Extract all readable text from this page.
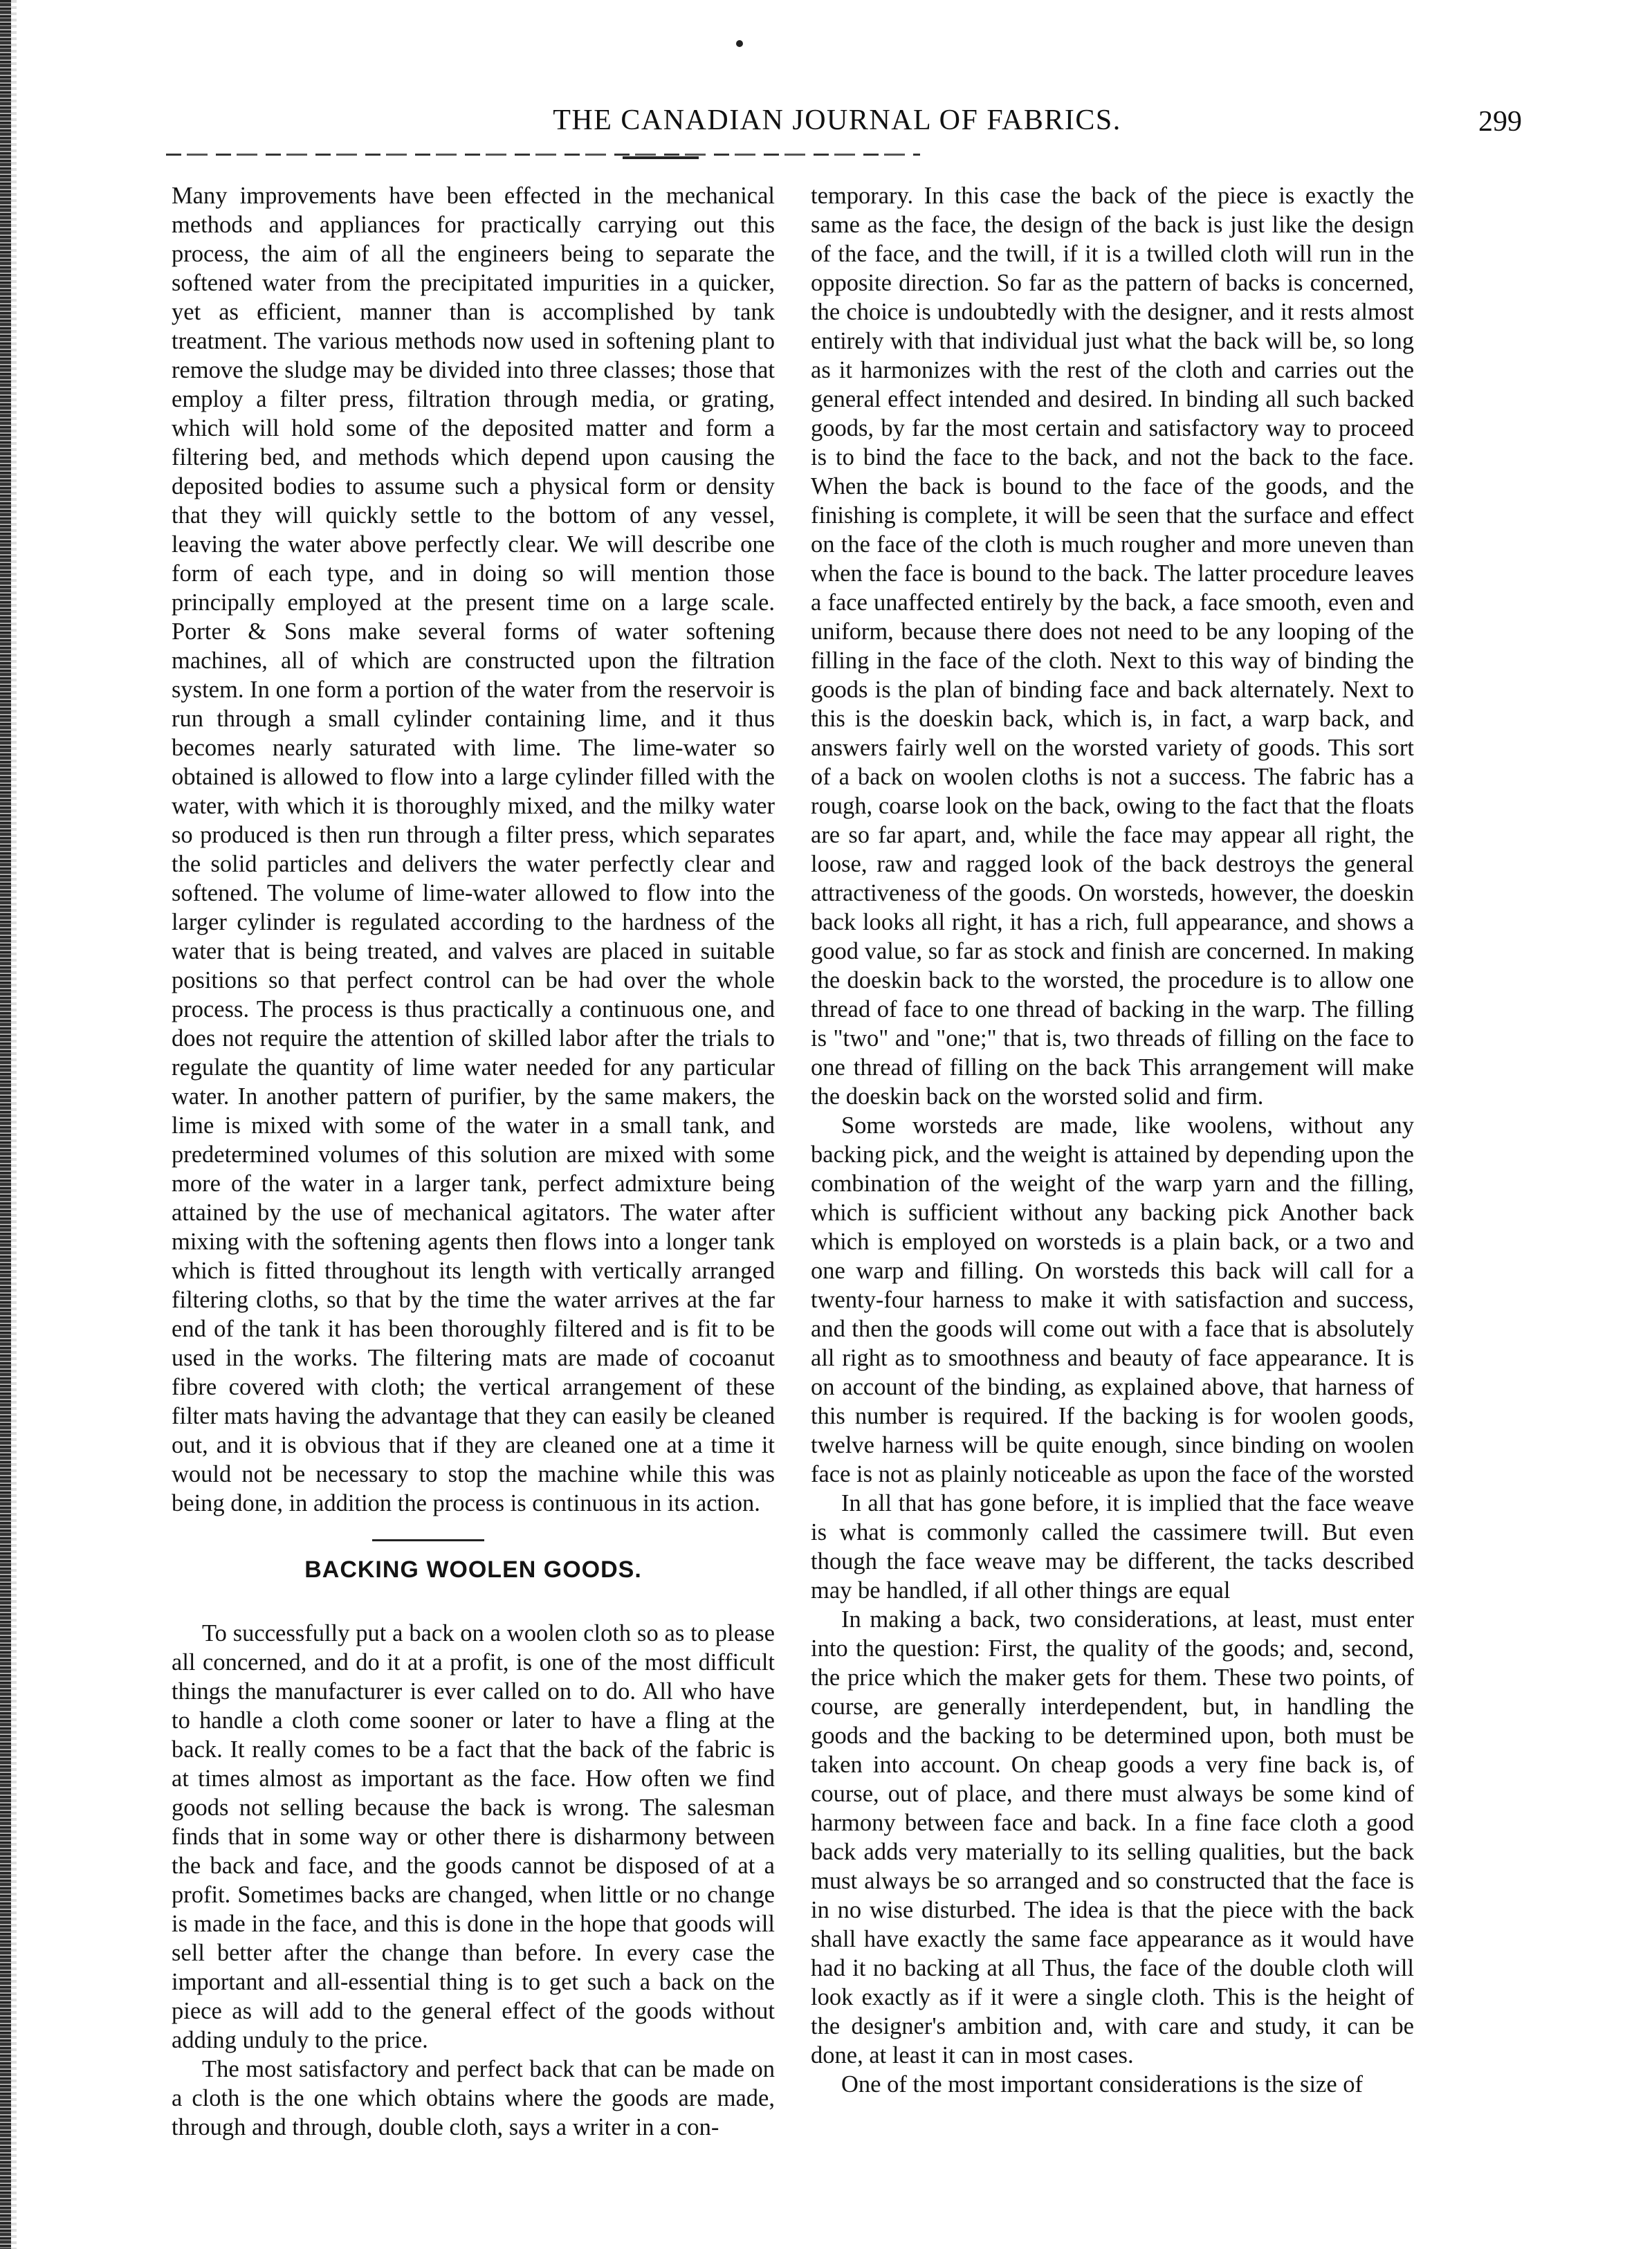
THE CANADIAN JOURNAL OF FABRICS.	299

Many improvements have been effected in the mechanical methods and appliances for practically carrying out this process, the aim of all the engineers being to separate the softened water from the precipitated impurities in a quicker, yet as efficient, manner than is accomplished by tank treatment. The various methods now used in softening plant to remove the sludge may be divided into three classes; those that employ a filter press, filtration through media, or grating, which will hold some of the deposited matter and form a filtering bed, and methods which depend upon causing the deposited bodies to assume such a physical form or density that they will quickly settle to the bottom of any vessel, leaving the water above perfectly clear. We will describe one form of each type, and in doing so will mention those principally employed at the present time on a large scale. Porter & Sons make several forms of water softening machines, all of which are constructed upon the filtration system. In one form a portion of the water from the reservoir is run through a small cylinder containing lime, and it thus becomes nearly saturated with lime. The lime-water so obtained is allowed to flow into a large cylinder filled with the water, with which it is thoroughly mixed, and the milky water so produced is then run through a filter press, which separates the solid particles and delivers the water perfectly clear and softened. The volume of lime-water allowed to flow into the larger cylinder is regulated according to the hardness of the water that is being treated, and valves are placed in suitable positions so that perfect control can be had over the whole process. The process is thus practically a continuous one, and does not require the attention of skilled labor after the trials to regulate the quantity of lime water needed for any particular water. In another pattern of purifier, by the same makers, the lime is mixed with some of the water in a small tank, and predetermined volumes of this solution are mixed with some more of the water in a larger tank, perfect admixture being attained by the use of mechanical agitators. The water after mixing with the softening agents then flows into a longer tank which is fitted throughout its length with vertically arranged filtering cloths, so that by the time the water arrives at the far end of the tank it has been thoroughly filtered and is fit to be used in the works. The filtering mats are made of cocoanut fibre covered with cloth; the vertical arrangement of these filter mats having the advantage that they can easily be cleaned out, and it is obvious that if they are cleaned one at a time it would not be necessary to stop the machine while this was being done, in addition the process is continuous in its action.

BACKING WOOLEN GOODS.

To successfully put a back on a woolen cloth so as to please all concerned, and do it at a profit, is one of the most difficult things the manufacturer is ever called on to do. All who have to handle a cloth come sooner or later to have a fling at the back. It really comes to be a fact that the back of the fabric is at times almost as important as the face. How often we find goods not selling because the back is wrong. The salesman finds that in some way or other there is disharmony between the back and face, and the goods cannot be disposed of at a profit. Sometimes backs are changed, when little or no change is made in the face, and this is done in the hope that goods will sell better after the change than before. In every case the important and all-essential thing is to get such a back on the piece as will add to the general effect of the goods without adding unduly to the price.

The most satisfactory and perfect back that can be made on a cloth is the one which obtains where the goods are made, through and through, double cloth, says a writer in a con-

temporary. In this case the back of the piece is exactly the same as the face, the design of the back is just like the design of the face, and the twill, if it is a twilled cloth will run in the opposite direction. So far as the pattern of backs is concerned, the choice is undoubtedly with the designer, and it rests almost entirely with that individual just what the back will be, so long as it harmonizes with the rest of the cloth and carries out the general effect intended and desired. In binding all such backed goods, by far the most certain and satisfactory way to proceed is to bind the face to the back, and not the back to the face. When the back is bound to the face of the goods, and the finishing is complete, it will be seen that the surface and effect on the face of the cloth is much rougher and more uneven than when the face is bound to the back. The latter procedure leaves a face unaffected entirely by the back, a face smooth, even and uniform, because there does not need to be any looping of the filling in the face of the cloth. Next to this way of binding the goods is the plan of binding face and back alternately. Next to this is the doeskin back, which is, in fact, a warp back, and answers fairly well on the worsted variety of goods. This sort of a back on woolen cloths is not a success. The fabric has a rough, coarse look on the back, owing to the fact that the floats are so far apart, and, while the face may appear all right, the loose, raw and ragged look of the back destroys the general attractiveness of the goods. On worsteds, however, the doeskin back looks all right, it has a rich, full appearance, and shows a good value, so far as stock and finish are concerned. In making the doeskin back to the worsted, the procedure is to allow one thread of face to one thread of backing in the warp. The filling is "two" and "one;" that is, two threads of filling on the face to one thread of filling on the back This arrangement will make the doeskin back on the worsted solid and firm.

Some worsteds are made, like woolens, without any backing pick, and the weight is attained by depending upon the combination of the weight of the warp yarn and the filling, which is sufficient without any backing pick Another back which is employed on worsteds is a plain back, or a two and one warp and filling. On worsteds this back will call for a twenty-four harness to make it with satisfaction and success, and then the goods will come out with a face that is absolutely all right as to smoothness and beauty of face appearance. It is on account of the binding, as explained above, that harness of this number is required. If the backing is for woolen goods, twelve harness will be quite enough, since binding on woolen face is not as plainly noticeable as upon the face of the worsted

In all that has gone before, it is implied that the face weave is what is commonly called the cassimere twill. But even though the face weave may be different, the tacks described may be handled, if all other things are equal

In making a back, two considerations, at least, must enter into the question: First, the quality of the goods; and, second, the price which the maker gets for them. These two points, of course, are generally interdependent, but, in handling the goods and the backing to be determined upon, both must be taken into account. On cheap goods a very fine back is, of course, out of place, and there must always be some kind of harmony between face and back. In a fine face cloth a good back adds very materially to its selling qualities, but the back must always be so arranged and so constructed that the face is in no wise disturbed. The idea is that the piece with the back shall have exactly the same face appearance as it would have had it no backing at all Thus, the face of the double cloth will look exactly as if it were a single cloth. This is the height of the designer's ambition and, with care and study, it can be done, at least it can in most cases.

One of the most important considerations is the size of
